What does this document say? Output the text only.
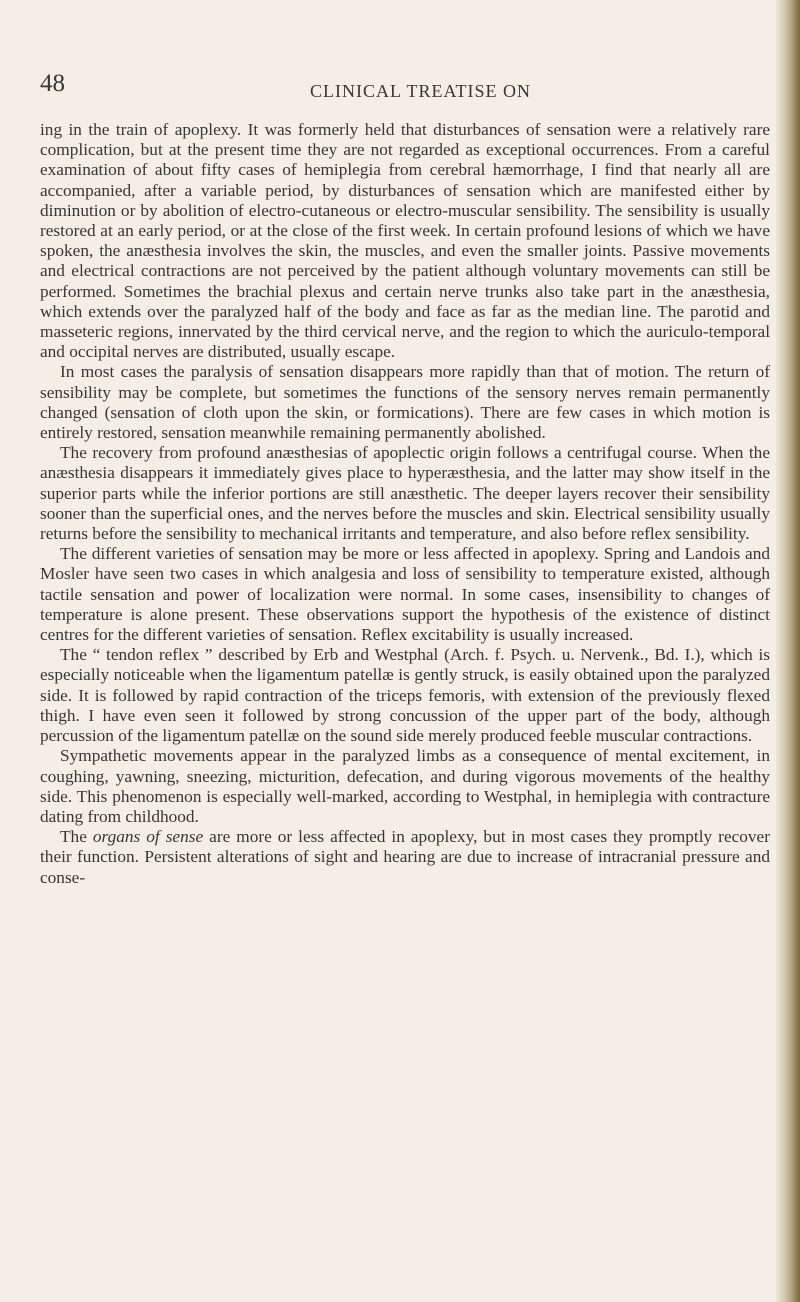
48	CLINICAL TREATISE ON

ing in the train of apoplexy. It was formerly held that disturbances of sensation were a relatively rare complication, but at the present time they are not regarded as exceptional occurrences. From a careful examination of about fifty cases of hemiplegia from cerebral hæmorrhage, I find that nearly all are accompanied, after a variable period, by disturbances of sensation which are manifested either by diminution or by abolition of electro-cutaneous or electro-muscular sensibility. The sensibility is usually restored at an early period, or at the close of the first week. In certain profound lesions of which we have spoken, the anæsthesia involves the skin, the muscles, and even the smaller joints. Passive movements and electrical contractions are not perceived by the patient although voluntary movements can still be performed. Sometimes the brachial plexus and certain nerve trunks also take part in the anæsthesia, which extends over the paralyzed half of the body and face as far as the median line. The parotid and masseteric regions, innervated by the third cervical nerve, and the region to which the auriculo-temporal and occipital nerves are distributed, usually escape.

In most cases the paralysis of sensation disappears more rapidly than that of motion. The return of sensibility may be complete, but sometimes the functions of the sensory nerves remain permanently changed (sensation of cloth upon the skin, or formications). There are few cases in which motion is entirely restored, sensation meanwhile remaining permanently abolished.

The recovery from profound anæsthesias of apoplectic origin follows a centrifugal course. When the anæsthesia disappears it immediately gives place to hyperæsthesia, and the latter may show itself in the superior parts while the inferior portions are still anæsthetic. The deeper layers recover their sensibility sooner than the superficial ones, and the nerves before the muscles and skin. Electrical sensibility usually returns before the sensibility to mechanical irritants and temperature, and also before reflex sensibility.

The different varieties of sensation may be more or less affected in apoplexy. Spring and Landois and Mosler have seen two cases in which analgesia and loss of sensibility to temperature existed, although tactile sensation and power of localization were normal. In some cases, insensibility to changes of temperature is alone present. These observations support the hypothesis of the existence of distinct centres for the different varieties of sensation. Reflex excitability is usually increased.

The “ tendon reflex ” described by Erb and Westphal (Arch. f. Psych. u. Nervenk., Bd. I.), which is especially noticeable when the ligamentum patellæ is gently struck, is easily obtained upon the paralyzed side. It is followed by rapid contraction of the triceps femoris, with extension of the previously flexed thigh. I have even seen it followed by strong concussion of the upper part of the body, although percussion of the ligamentum patellæ on the sound side merely produced feeble muscular contractions.

Sympathetic movements appear in the paralyzed limbs as a consequence of mental excitement, in coughing, yawning, sneezing, micturition, defecation, and during vigorous movements of the healthy side. This phenomenon is especially well-marked, according to Westphal, in hemiplegia with contracture dating from childhood.

The organs of sense are more or less affected in apoplexy, but in most cases they promptly recover their function. Persistent alterations of sight and hearing are due to increase of intracranial pressure and conse-
